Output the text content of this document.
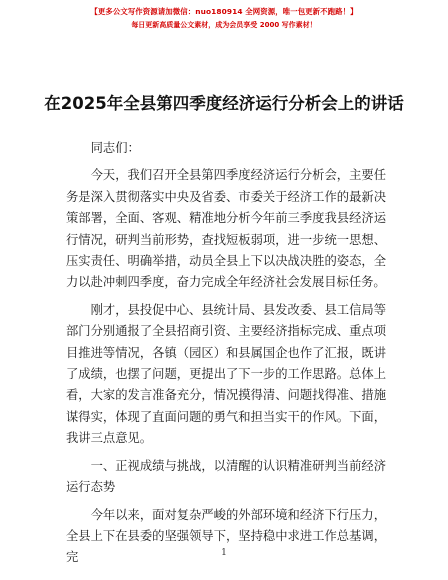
【更多公文写作资源请加微信：nuo180914 全网资源，唯一包更新不跑路！】
每日更新高质量公文素材，成为会员享受 2000 写作素材！
在2025年全县第四季度经济运行分析会上的讲话

同志们：

今天，我们召开全县第四季度经济运行分析会，主要任务是深入贯彻落实中央及省委、市委关于经济工作的最新决策部署，全面、客观、精准地分析今年前三季度我县经济运行情况，研判当前形势，查找短板弱项，进一步统一思想、压实责任、明确举措，动员全县上下以决战决胜的姿态，全力以赴冲刺四季度，奋力完成全年经济社会发展目标任务。

刚才，县投促中心、县统计局、县发改委、县工信局等部门分别通报了全县招商引资、主要经济指标完成、重点项目推进等情况，各镇（园区）和县属国企也作了汇报，既讲了成绩，也摆了问题，更提出了下一步的工作思路。总体上看，大家的发言准备充分，情况摸得清、问题找得准、措施谋得实，体现了直面问题的勇气和担当实干的作风。下面，我讲三点意见。

一、正视成绩与挑战，以清醒的认识精准研判当前经济运行态势

今年以来，面对复杂严峻的外部环境和经济下行压力，全县上下在县委的坚强领导下，坚持稳中求进工作总基调，完	1
